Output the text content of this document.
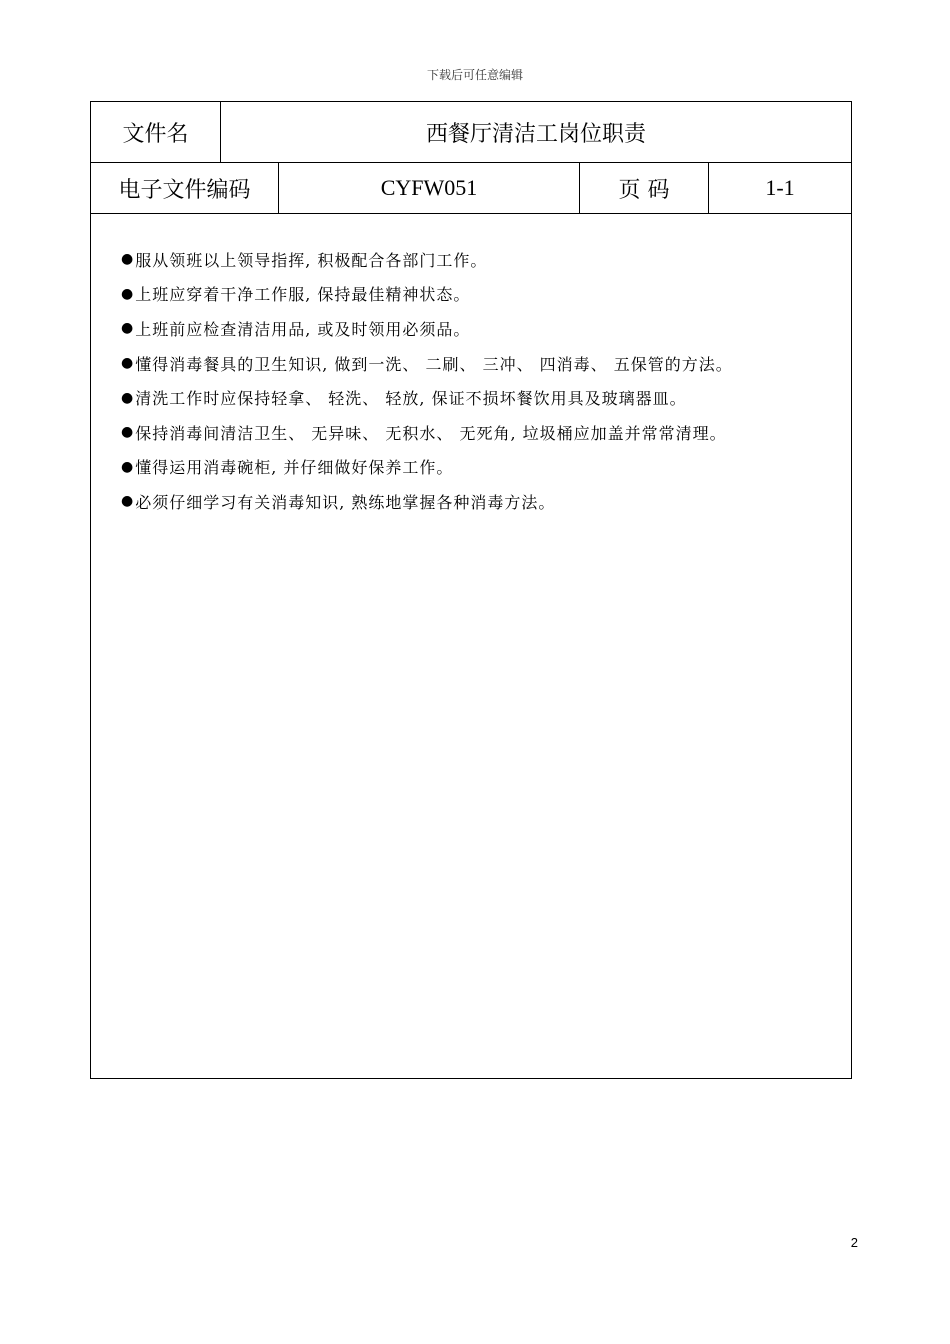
下载后可任意编辑
文件名	西餐厅清洁工岗位职责
电子文件编码	CYFW051	页 码	1-1
● 服从领班以上领导指挥, 积极配合各部门工作。
● 上班应穿着干净工作服, 保持最佳精神状态。
● 上班前应检查清洁用品, 或及时领用必须品。
● 懂得消毒餐具的卫生知识, 做到一洗、 二刷、 三冲、 四消毒、 五保管的方法。
● 清洗工作时应保持轻拿、 轻洗、 轻放, 保证不损坏餐饮用具及玻璃器皿。
● 保持消毒间清洁卫生、 无异味、 无积水、 无死角, 垃圾桶应加盖并常常清理。
● 懂得运用消毒碗柜, 并仔细做好保养工作。
● 必须仔细学习有关消毒知识, 熟练地掌握各种消毒方法。
2
